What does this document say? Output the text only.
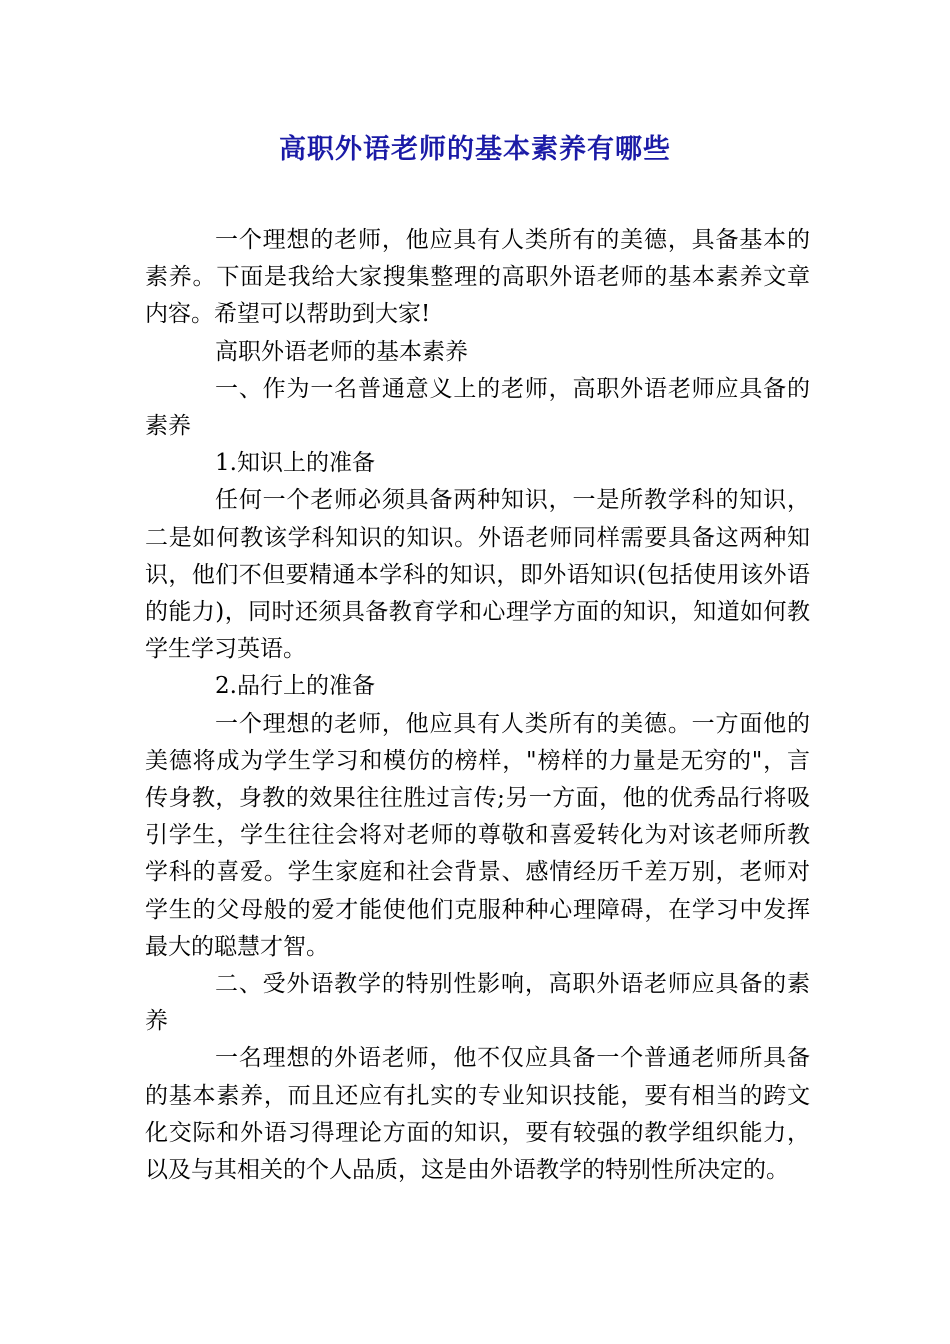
高职外语老师的基本素养有哪些

一个理想的老师，他应具有人类所有的美德，具备基本的素养。下面是我给大家搜集整理的高职外语老师的基本素养文章内容。希望可以帮助到大家!

高职外语老师的基本素养

一、作为一名普通意义上的老师，高职外语老师应具备的素养

1.知识上的准备

任何一个老师必须具备两种知识，一是所教学科的知识，二是如何教该学科知识的知识。外语老师同样需要具备这两种知识，他们不但要精通本学科的知识，即外语知识(包括使用该外语的能力)，同时还须具备教育学和心理学方面的知识，知道如何教学生学习英语。

2.品行上的准备

一个理想的老师，他应具有人类所有的美德。一方面他的美德将成为学生学习和模仿的榜样，"榜样的力量是无穷的"，言传身教，身教的效果往往胜过言传;另一方面，他的优秀品行将吸引学生，学生往往会将对老师的尊敬和喜爱转化为对该老师所教学科的喜爱。学生家庭和社会背景、感情经历千差万别，老师对学生的父母般的爱才能使他们克服种种心理障碍，在学习中发挥最大的聪慧才智。

二、受外语教学的特别性影响，高职外语老师应具备的素养

一名理想的外语老师，他不仅应具备一个普通老师所具备的基本素养，而且还应有扎实的专业知识技能，要有相当的跨文化交际和外语习得理论方面的知识，要有较强的教学组织能力，以及与其相关的个人品质，这是由外语教学的特别性所决定的。
